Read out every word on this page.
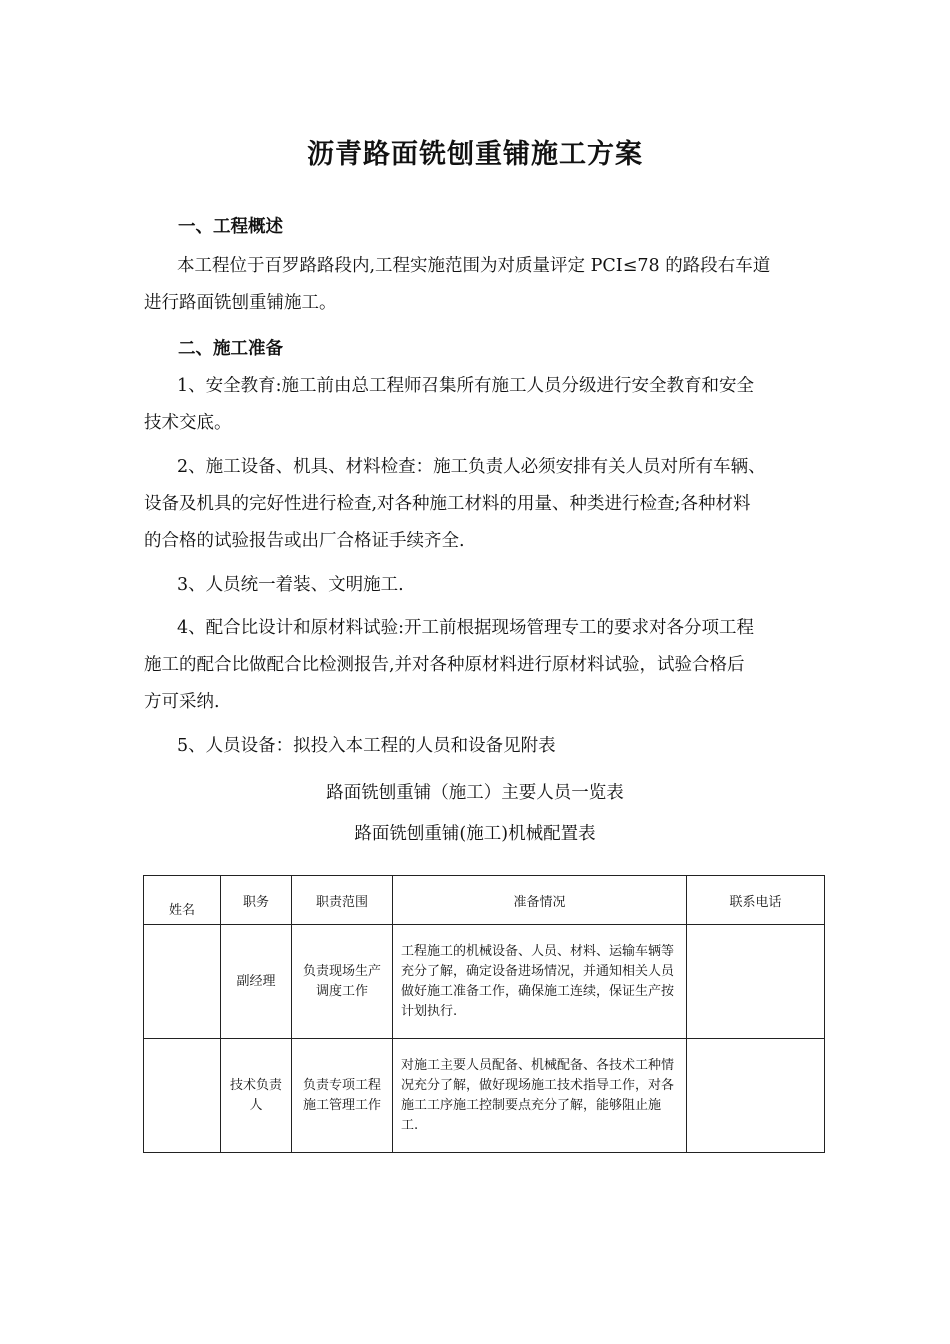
沥青路面铣刨重铺施工方案
一、工程概述
本工程位于百罗路路段内,工程实施范围为对质量评定 PCI≤78 的路段右车道
进行路面铣刨重铺施工。
二、施工准备
1、安全教育:施工前由总工程师召集所有施工人员分级进行安全教育和安全
技术交底。
2、施工设备、机具、材料检查：施工负责人必须安排有关人员对所有车辆、
设备及机具的完好性进行检查,对各种施工材料的用量、种类进行检查;各种材料
的合格的试验报告或出厂合格证手续齐全.
3、人员统一着装、文明施工.
4、配合比设计和原材料试验:开工前根据现场管理专工的要求对各分项工程
施工的配合比做配合比检测报告,并对各种原材料进行原材料试验，试验合格后
方可采纳.
5、人员设备：拟投入本工程的人员和设备见附表
路面铣刨重铺（施工）主要人员一览表
路面铣刨重铺(施工)机械配置表
姓名	职务	职责范围	准备情况	联系电话
	副经理	负责现场生产调度工作	工程施工的机械设备、人员、材料、运输车辆等充分了解，确定设备进场情况，并通知相关人员做好施工准备工作，确保施工连续，保证生产按计划执行.	
	技术负责人	负责专项工程施工管理工作	对施工主要人员配备、机械配备、各技术工种情况充分了解，做好现场施工技术指导工作，对各施工工序施工控制要点充分了解，能够阻止施工.	
